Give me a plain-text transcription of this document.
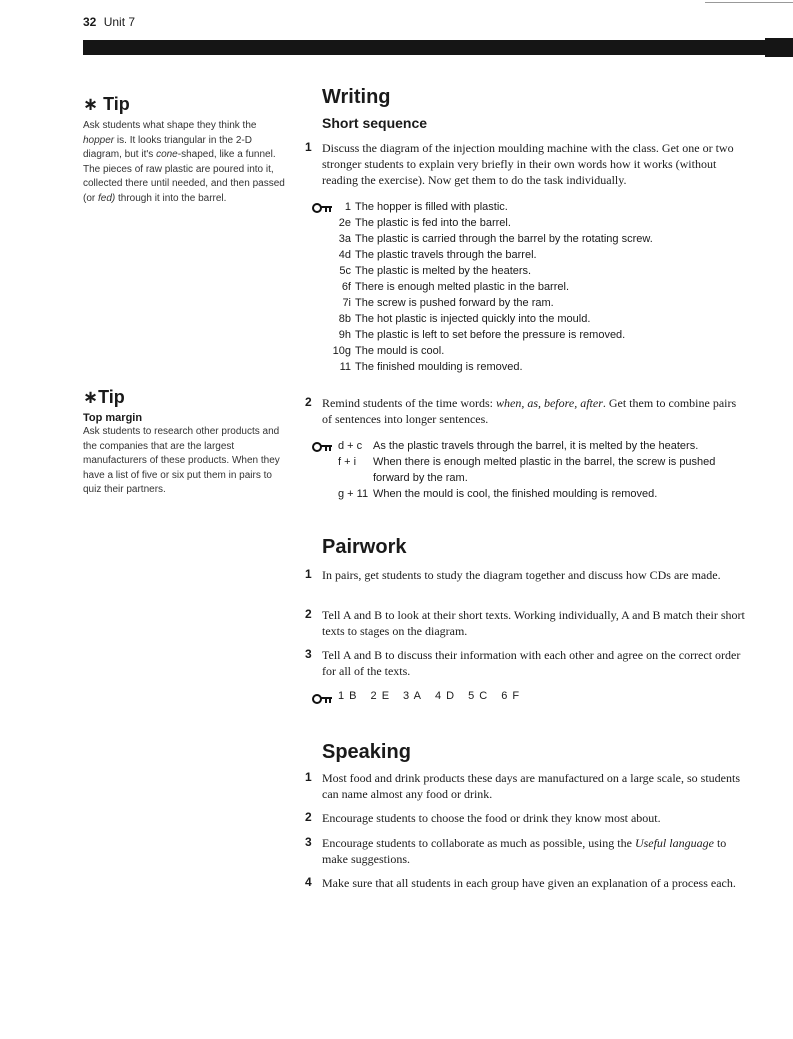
32 Unit 7
∗ Tip

Ask students what shape they think the hopper is. It looks triangular in the 2-D diagram, but it's cone-shaped, like a funnel. The pieces of raw plastic are poured into it, collected there until needed, and then passed (or fed) through it into the barrel.

∗Tip
Top margin

Ask students to research other products and the companies that are the largest manufacturers of these products. When they have a list of five or six put them in pairs to quiz their partners.

Writing
Short sequence
1 Discuss the diagram of the injection moulding machine with the class. Get one or two stronger students to explain very briefly in their own words how it works (without reading the exercise). Now get them to do the task individually.
1 The hopper is filled with plastic.
2e The plastic is fed into the barrel.
3a The plastic is carried through the barrel by the rotating screw.
4d The plastic travels through the barrel.
5c The plastic is melted by the heaters.
6f There is enough melted plastic in the barrel.
7i The screw is pushed forward by the ram.
8b The hot plastic is injected quickly into the mould.
9h The plastic is left to set before the pressure is removed.
10g The mould is cool.
11 The finished moulding is removed.
2 Remind students of the time words: when, as, before, after. Get them to combine pairs of sentences into longer sentences.
d + c As the plastic travels through the barrel, it is melted by the heaters.
f + i When there is enough melted plastic in the barrel, the screw is pushed forward by the ram.
g + 11 When the mould is cool, the finished moulding is removed.
Pairwork
1 In pairs, get students to study the diagram together and discuss how CDs are made.
2 Tell A and B to look at their short texts. Working individually, A and B match their short texts to stages on the diagram.
3 Tell A and B to discuss their information with each other and agree on the correct order for all of the texts.
1 B 2 E 3 A 4 D 5 C 6 F
Speaking
1 Most food and drink products these days are manufactured on a large scale, so students can name almost any food or drink.
2 Encourage students to choose the food or drink they know most about.
3 Encourage students to collaborate as much as possible, using the Useful language to make suggestions.
4 Make sure that all students in each group have given an explanation of a process each.
